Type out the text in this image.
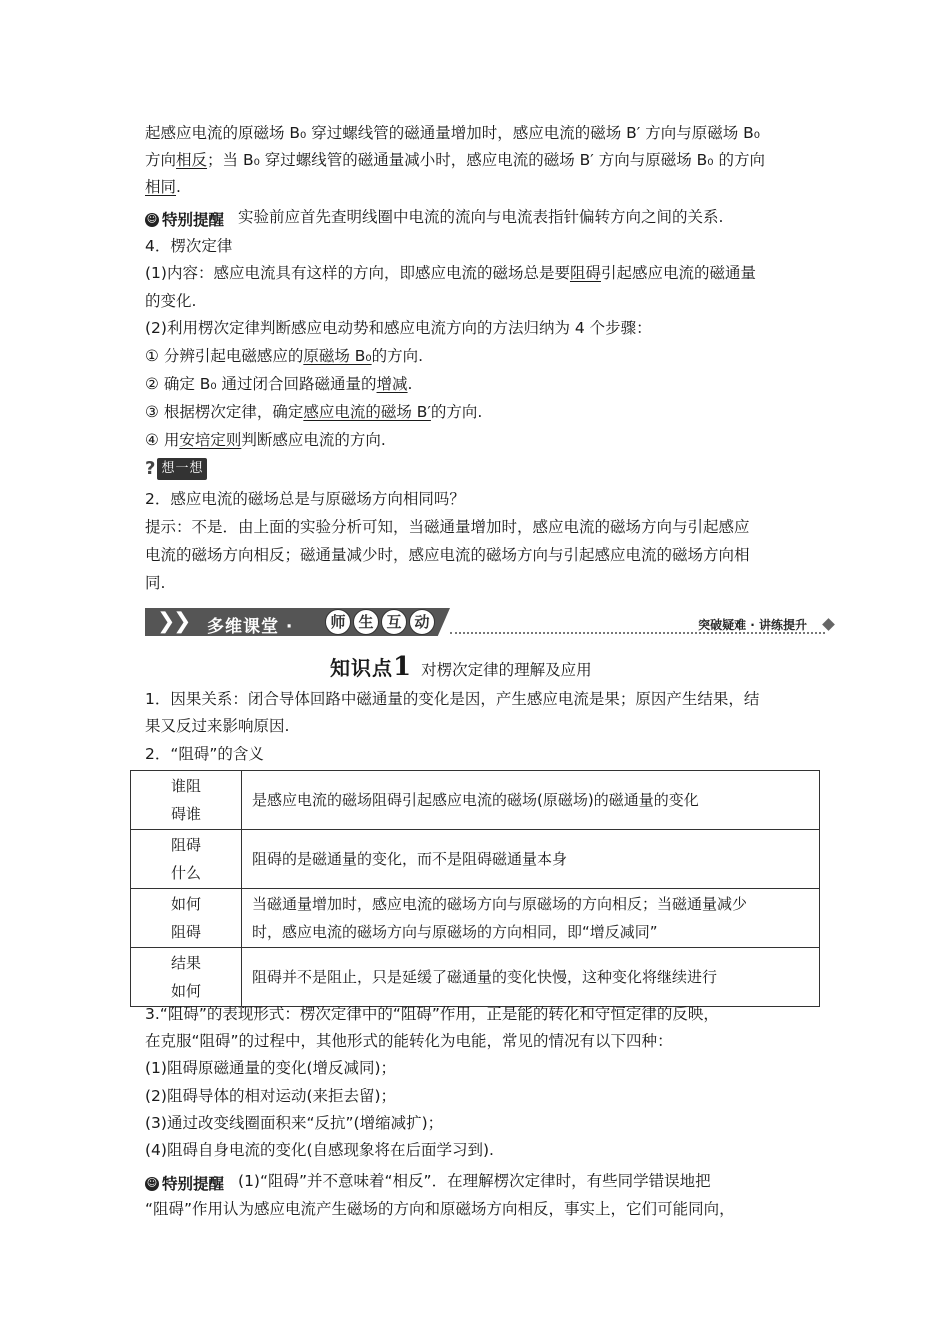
起感应电流的原磁场 B₀ 穿过螺线管的磁通量增加时，感应电流的磁场 B′ 方向与原磁场 B₀
方向相反；当 B₀ 穿过螺线管的磁通量减小时，感应电流的磁场 B′ 方向与原磁场 B₀ 的方向
相同.
☺ 特别提醒 实验前应首先查明线圈中电流的流向与电流表指针偏转方向之间的关系.
4．楞次定律
(1)内容：感应电流具有这样的方向，即感应电流的磁场总是要阻碍引起感应电流的磁通量
的变化.
(2)利用楞次定律判断感应电动势和感应电流方向的方法归纳为 4 个步骤：
① 分辨引起电磁感应的原磁场 B₀的方向.
② 确定 B₀ 通过闭合回路磁通量的增减.
③ 根据楞次定律，确定感应电流的磁场 B′的方向.
④ 用安培定则判断感应电流的方向.
? 想一想
2．感应电流的磁场总是与原磁场方向相同吗？
提示：不是．由上面的实验分析可知，当磁通量增加时，感应电流的磁场方向与引起感应
电流的磁场方向相反；磁通量减少时，感应电流的磁场方向与引起感应电流的磁场方向相
同.
❯
❯ 多维课堂 ·	师 生 互 动	突破疑难 · 讲练提升
知识点1 对楞次定律的理解及应用
1．因果关系：闭合导体回路中磁通量的变化是因，产生感应电流是果；原因产生结果，结
果又反过来影响原因.
2．“阻碍”的含义
谁阻
碍谁	是感应电流的磁场阻碍引起感应电流的磁场(原磁场)的磁通量的变化
阻碍
什么	阻碍的是磁通量的变化，而不是阻碍磁通量本身
如何
阻碍	当磁通量增加时，感应电流的磁场方向与原磁场的方向相反；当磁通量减少
时，感应电流的磁场方向与原磁场的方向相同，即“增反减同”
结果
如何	阻碍并不是阻止，只是延缓了磁通量的变化快慢，这种变化将继续进行
3.“阻碍”的表现形式：楞次定律中的“阻碍”作用，正是能的转化和守恒定律的反映，
在克服“阻碍”的过程中，其他形式的能转化为电能，常见的情况有以下四种：
(1)阻碍原磁通量的变化(增反减同)；
(2)阻碍导体的相对运动(来拒去留)；
(3)通过改变线圈面积来“反抗”(增缩减扩)；
(4)阻碍自身电流的变化(自感现象将在后面学习到).
☺ 特别提醒 (1)“阻碍”并不意味着“相反”．在理解楞次定律时，有些同学错误地把
“阻碍”作用认为感应电流产生磁场的方向和原磁场方向相反，事实上，它们可能同向，
